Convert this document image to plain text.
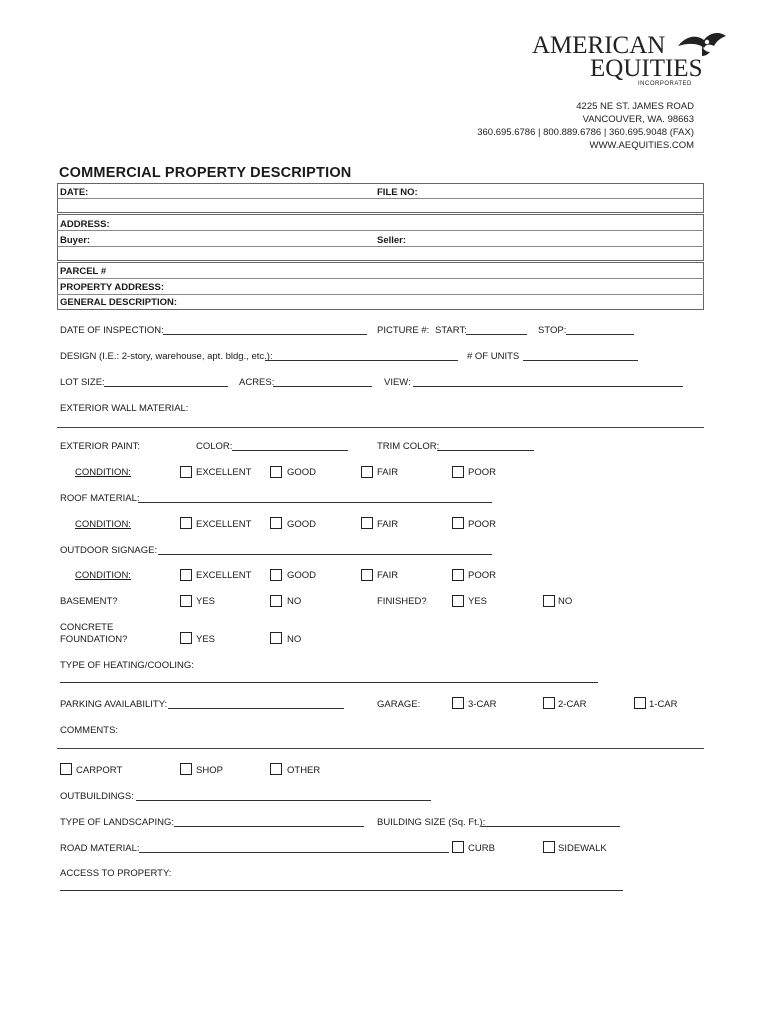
AMERICAN
EQUITIES
INCORPORATED
4225 NE ST. JAMES ROAD
VANCOUVER, WA. 98663
360.695.6786 | 800.889.6786 | 360.695.9048 (FAX)
WWW.AEQUITIES.COM
COMMERCIAL PROPERTY DESCRIPTION
DATE:	FILE NO:
ADDRESS:
Buyer:	Seller:
PARCEL #
PROPERTY ADDRESS:
GENERAL DESCRIPTION:
DATE OF INSPECTION:	PICTURE #: START:	STOP:
DESIGN (I.E.: 2-story, warehouse, apt. bldg., etc.):	# OF UNITS
LOT SIZE:	ACRES:	VIEW:
EXTERIOR WALL MATERIAL:
EXTERIOR PAINT:	COLOR:	TRIM COLOR:
CONDITION:	EXCELLENT	GOOD	FAIR	POOR
ROOF MATERIAL:
CONDITION:	EXCELLENT	GOOD	FAIR	POOR
OUTDOOR SIGNAGE:
CONDITION:	EXCELLENT	GOOD	FAIR	POOR
BASEMENT?	YES	NO	FINISHED?	YES	NO
CONCRETE
FOUNDATION?	YES	NO
TYPE OF HEATING/COOLING:
PARKING AVAILABILITY:	GARAGE:	3-CAR	2-CAR	1-CAR
COMMENTS:
CARPORT	SHOP	OTHER
OUTBUILDINGS:
TYPE OF LANDSCAPING:	BUILDING SIZE (Sq. Ft.):
ROAD MATERIAL:	CURB	SIDEWALK
ACCESS TO PROPERTY:
